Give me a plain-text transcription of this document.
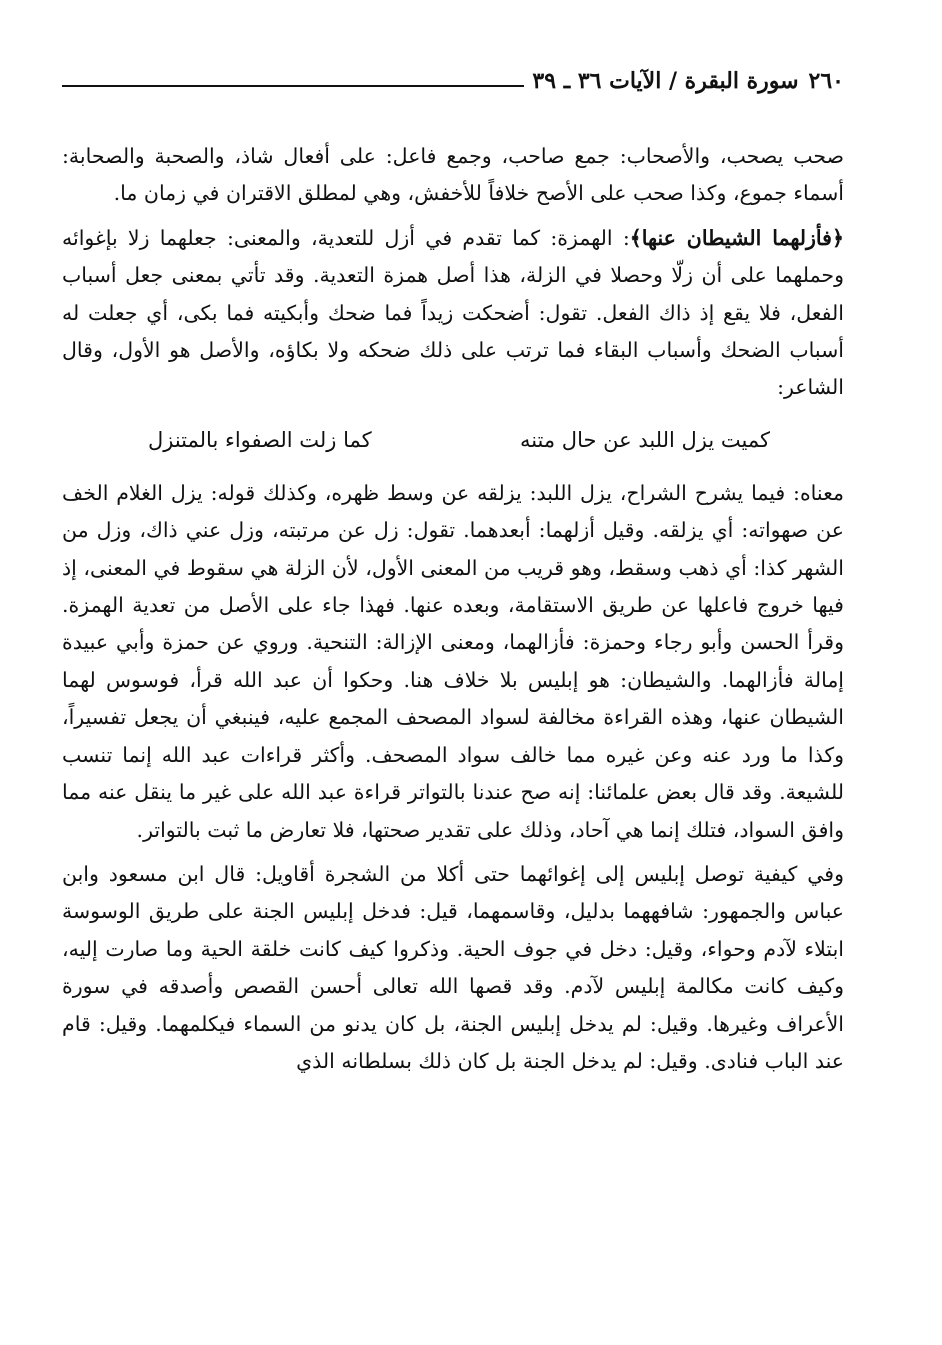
٢٦٠
سورة البقرة / الآيات ٣٦ ـ ٣٩

صحب يصحب، والأصحاب: جمع صاحب، وجمع فاعل: على أفعال شاذ، والصحبة والصحابة: أسماء جموع، وكذا صحب على الأصح خلافاً للأخفش، وهي لمطلق الاقتران في زمان ما.

﴿فأزلهما الشيطان عنها﴾: الهمزة: كما تقدم في أزل للتعدية، والمعنى: جعلهما زلا بإغوائه وحملهما على أن زلّا وحصلا في الزلة، هذا أصل همزة التعدية. وقد تأتي بمعنى جعل أسباب الفعل، فلا يقع إذ ذاك الفعل. تقول: أضحكت زيداً فما ضحك وأبكيته فما بكى، أي جعلت له أسباب الضحك وأسباب البقاء فما ترتب على ذلك ضحكه ولا بكاؤه، والأصل هو الأول، وقال الشاعر:

كميت يزل اللبد عن حال متنه
كما زلت الصفواء بالمتنزل

معناه: فيما يشرح الشراح، يزل اللبد: يزلقه عن وسط ظهره، وكذلك قوله: يزل الغلام الخف عن صهواته: أي يزلقه. وقيل أزلهما: أبعدهما. تقول: زل عن مرتبته، وزل عني ذاك، وزل من الشهر كذا: أي ذهب وسقط، وهو قريب من المعنى الأول، لأن الزلة هي سقوط في المعنى، إذ فيها خروج فاعلها عن طريق الاستقامة، وبعده عنها. فهذا جاء على الأصل من تعدية الهمزة. وقرأ الحسن وأبو رجاء وحمزة: فأزالهما، ومعنى الإزالة: التنحية. وروي عن حمزة وأبي عبيدة إمالة فأزالهما. والشيطان: هو إبليس بلا خلاف هنا. وحكوا أن عبد الله قرأ، فوسوس لهما الشيطان عنها، وهذه القراءة مخالفة لسواد المصحف المجمع عليه، فينبغي أن يجعل تفسيراً، وكذا ما ورد عنه وعن غيره مما خالف سواد المصحف. وأكثر قراءات عبد الله إنما تنسب للشيعة. وقد قال بعض علمائنا: إنه صح عندنا بالتواتر قراءة عبد الله على غير ما ينقل عنه مما وافق السواد، فتلك إنما هي آحاد، وذلك على تقدير صحتها، فلا تعارض ما ثبت بالتواتر.

وفي كيفية توصل إبليس إلى إغوائهما حتى أكلا من الشجرة أقاويل: قال ابن مسعود وابن عباس والجمهور: شافههما بدليل، وقاسمهما، قيل: فدخل إبليس الجنة على طريق الوسوسة ابتلاء لآدم وحواء، وقيل: دخل في جوف الحية. وذكروا كيف كانت خلقة الحية وما صارت إليه، وكيف كانت مكالمة إبليس لآدم. وقد قصها الله تعالى أحسن القصص وأصدقه في سورة الأعراف وغيرها. وقيل: لم يدخل إبليس الجنة، بل كان يدنو من السماء فيكلمهما. وقيل: قام عند الباب فنادى. وقيل: لم يدخل الجنة بل كان ذلك بسلطانه الذي
